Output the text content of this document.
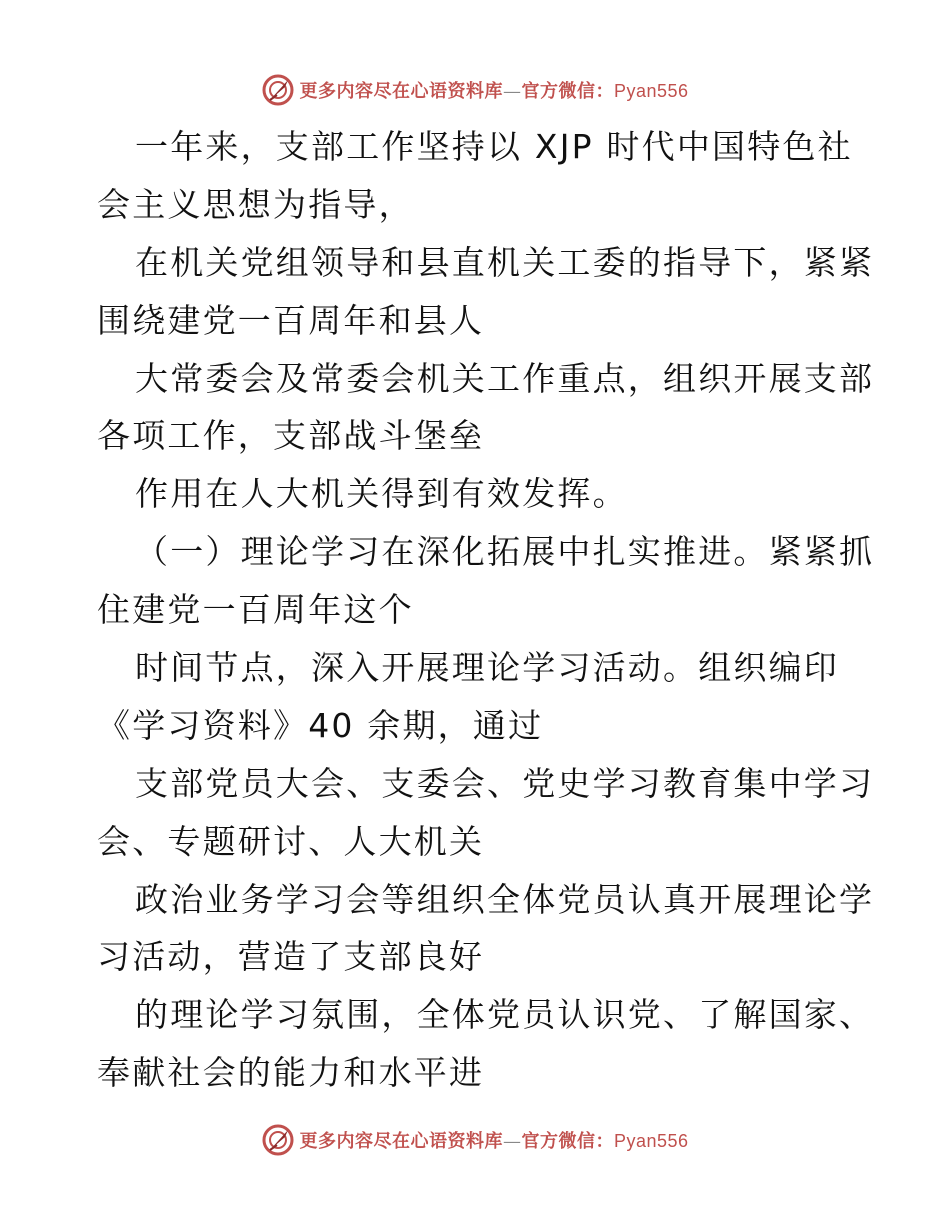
更多内容尽在心语资料库—官方微信：Pyan556
一年来，支部工作坚持以 XJP 时代中国特色社
会主义思想为指导，
在机关党组领导和县直机关工委的指导下，紧紧
围绕建党一百周年和县人
大常委会及常委会机关工作重点，组织开展支部
各项工作，支部战斗堡垒
作用在人大机关得到有效发挥。
（一）理论学习在深化拓展中扎实推进。紧紧抓
住建党一百周年这个
时间节点，深入开展理论学习活动。组织编印
《学习资料》40 余期，通过
支部党员大会、支委会、党史学习教育集中学习
会、专题研讨、人大机关
政治业务学习会等组织全体党员认真开展理论学
习活动，营造了支部良好
的理论学习氛围，全体党员认识党、了解国家、
奉献社会的能力和水平进
更多内容尽在心语资料库—官方微信：Pyan556
